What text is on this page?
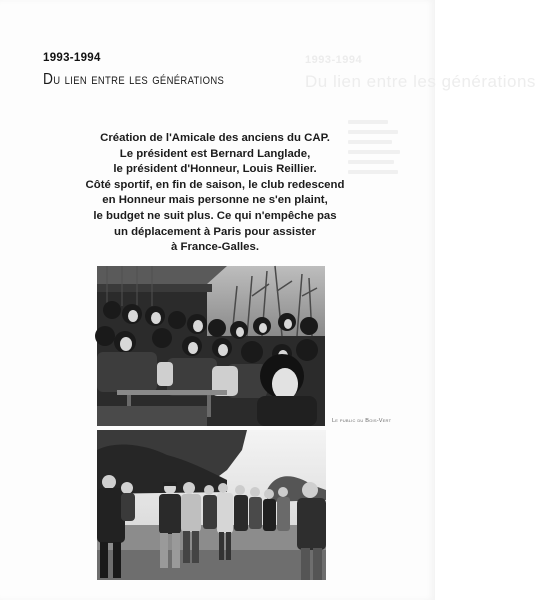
1993-1994
Du lien entre les générations
1993-1994
Du lien entre les générations
Création de l'Amicale des anciens du CAP.
Le président est Bernard Langlade,
le président d'Honneur, Louis Reillier.
Côté sportif, en fin de saison, le club redescend
en Honneur mais personne ne s'en plaint,
le budget ne suit plus. Ce qui n'empêche pas
un déplacement à Paris pour assister
à France-Galles.
Le public du Bois-Vert
